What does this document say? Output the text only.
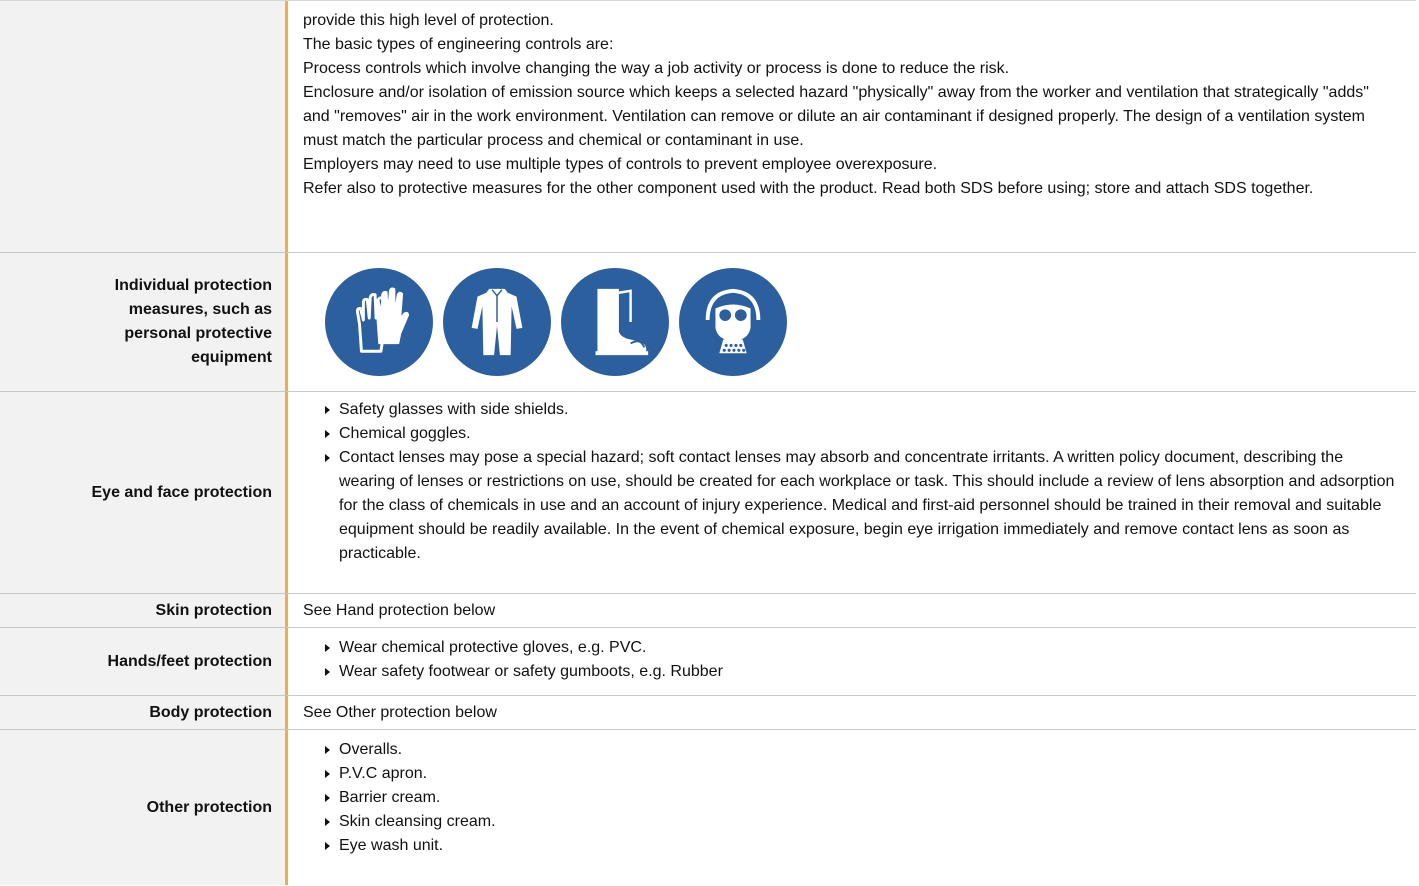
provide this high level of protection.

The basic types of engineering controls are:

Process controls which involve changing the way a job activity or process is done to reduce the risk.

Enclosure and/or isolation of emission source which keeps a selected hazard "physically" away from the worker and ventilation that strategically "adds" and "removes" air in the work environment. Ventilation can remove or dilute an air contaminant if designed properly. The design of a ventilation system must match the particular process and chemical or contaminant in use.

Employers may need to use multiple types of controls to prevent employee overexposure.

Refer also to protective measures for the other component used with the product. Read both SDS before using; store and attach SDS together.

Individual protection measures, such as personal protective equipment
Eye and face protection
Safety glasses with side shields.
Chemical goggles.
Contact lenses may pose a special hazard; soft contact lenses may absorb and concentrate irritants. A written policy document, describing the wearing of lenses or restrictions on use, should be created for each workplace or task. This should include a review of lens absorption and adsorption for the class of chemicals in use and an account of injury experience. Medical and first-aid personnel should be trained in their removal and suitable equipment should be readily available. In the event of chemical exposure, begin eye irrigation immediately and remove contact lens as soon as practicable.
Skin protection	See Hand protection below
Hands/feet protection
Wear chemical protective gloves, e.g. PVC.
Wear safety footwear or safety gumboots, e.g. Rubber
Body protection	See Other protection below
Other protection
Overalls.
P.V.C apron.
Barrier cream.
Skin cleansing cream.
Eye wash unit.
